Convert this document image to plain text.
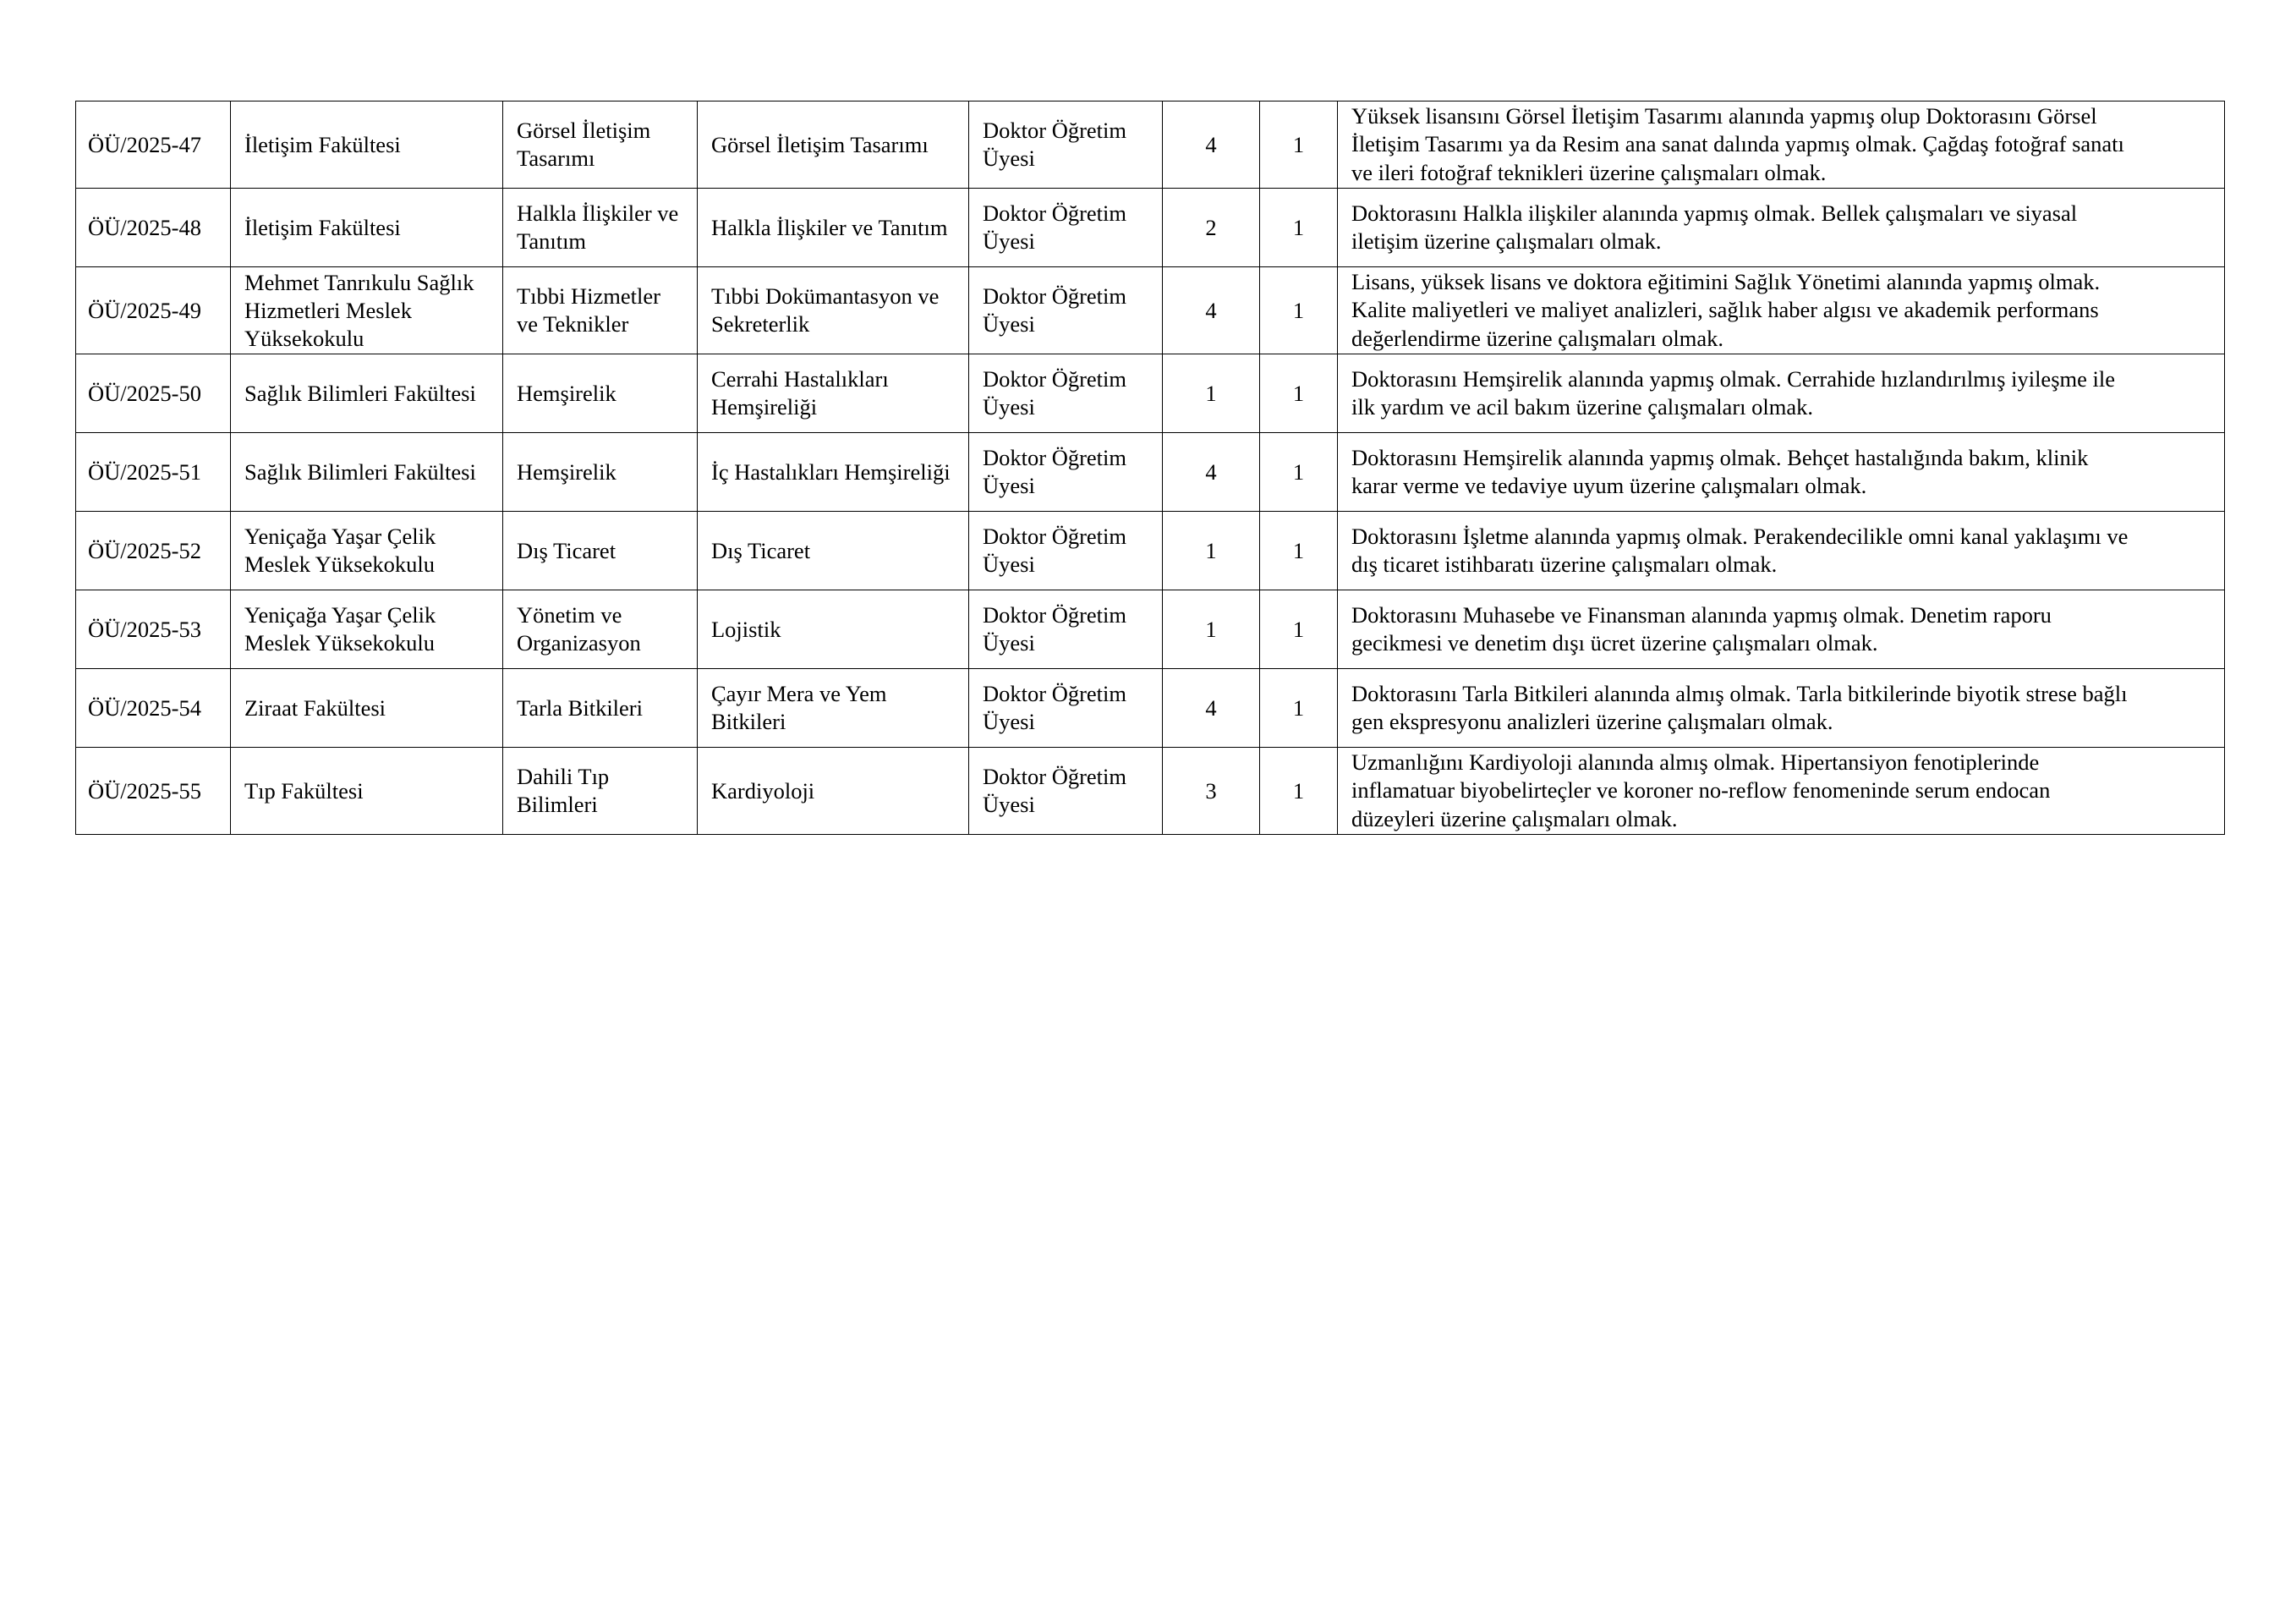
ÖÜ/2025-47	İletişim Fakültesi	Görsel İletişim Tasarımı	Görsel İletişim Tasarımı	Doktor Öğretim Üyesi	4	1	Yüksek lisansını Görsel İletişim Tasarımı alanında yapmış olup Doktorasını Görsel
İletişim Tasarımı ya da Resim ana sanat dalında yapmış olmak. Çağdaş fotoğraf sanatı
ve ileri fotoğraf teknikleri üzerine çalışmaları olmak.

ÖÜ/2025-48	İletişim Fakültesi	Halkla İlişkiler ve Tanıtım	Halkla İlişkiler ve Tanıtım	Doktor Öğretim Üyesi	2	1	Doktorasını Halkla ilişkiler alanında yapmış olmak. Bellek çalışmaları ve siyasal
iletişim üzerine çalışmaları olmak.

ÖÜ/2025-49	Mehmet Tanrıkulu Sağlık Hizmetleri Meslek Yüksekokulu	Tıbbi Hizmetler ve Teknikler	Tıbbi Dokümantasyon ve Sekreterlik	Doktor Öğretim Üyesi	4	1	Lisans, yüksek lisans ve doktora eğitimini Sağlık Yönetimi alanında yapmış olmak.
Kalite maliyetleri ve maliyet analizleri, sağlık haber algısı ve akademik performans
değerlendirme üzerine çalışmaları olmak.

ÖÜ/2025-50	Sağlık Bilimleri Fakültesi	Hemşirelik	Cerrahi Hastalıkları Hemşireliği	Doktor Öğretim Üyesi	1	1	Doktorasını Hemşirelik alanında yapmış olmak. Cerrahide hızlandırılmış iyileşme ile
ilk yardım ve acil bakım üzerine çalışmaları olmak.

ÖÜ/2025-51	Sağlık Bilimleri Fakültesi	Hemşirelik	İç Hastalıkları Hemşireliği	Doktor Öğretim Üyesi	4	1	Doktorasını Hemşirelik alanında yapmış olmak. Behçet hastalığında bakım, klinik
karar verme ve tedaviye uyum üzerine çalışmaları olmak.

ÖÜ/2025-52	Yeniçağa Yaşar Çelik Meslek Yüksekokulu	Dış Ticaret	Dış Ticaret	Doktor Öğretim Üyesi	1	1	Doktorasını İşletme alanında yapmış olmak. Perakendecilikle omni kanal yaklaşımı ve
dış ticaret istihbaratı üzerine çalışmaları olmak.

ÖÜ/2025-53	Yeniçağa Yaşar Çelik Meslek Yüksekokulu	Yönetim ve Organizasyon	Lojistik	Doktor Öğretim Üyesi	1	1	Doktorasını Muhasebe ve Finansman alanında yapmış olmak. Denetim raporu
gecikmesi ve denetim dışı ücret üzerine çalışmaları olmak.

ÖÜ/2025-54	Ziraat Fakültesi	Tarla Bitkileri	Çayır Mera ve Yem Bitkileri	Doktor Öğretim Üyesi	4	1	Doktorasını Tarla Bitkileri alanında almış olmak. Tarla bitkilerinde biyotik strese bağlı
gen ekspresyonu analizleri üzerine çalışmaları olmak.

ÖÜ/2025-55	Tıp Fakültesi	Dahili Tıp Bilimleri	Kardiyoloji	Doktor Öğretim Üyesi	3	1	Uzmanlığını Kardiyoloji alanında almış olmak. Hipertansiyon fenotiplerinde
inflamatuar biyobelirteçler ve koroner no-reflow fenomeninde serum endocan
düzeyleri üzerine çalışmaları olmak.
